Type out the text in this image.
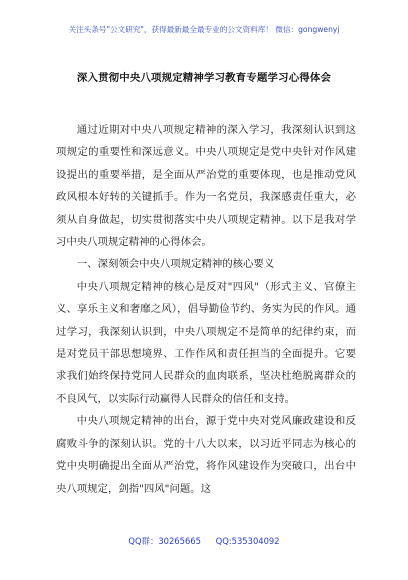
关注头条号"公文研究"，获得最新最全最专业的公文资料库！ 微信：gongwenyj
深入贯彻中央八项规定精神学习教育专题学习心得体会

通过近期对中央八项规定精神的深入学习，我深刻认识到这项规定的重要性和深远意义。中央八项规定是党中央针对作风建设提出的重要举措，是全面从严治党的重要体现，也是推动党风政风根本好转的关键抓手。作为一名党员，我深感责任重大，必须从自身做起，切实贯彻落实中央八项规定精神。以下是我对学习中央八项规定精神的心得体会。

一、深刻领会中央八项规定精神的核心要义

中央八项规定精神的核心是反对"四风"（形式主义、官僚主义、享乐主义和奢靡之风），倡导勤俭节约、务实为民的作风。通过学习，我深刻认识到，中央八项规定不是简单的纪律约束，而是对党员干部思想境界、工作作风和责任担当的全面提升。它要求我们始终保持党同人民群众的血肉联系，坚决杜绝脱离群众的不良风气，以实际行动赢得人民群众的信任和支持。

中央八项规定精神的出台，源于党中央对党风廉政建设和反腐败斗争的深刻认识。党的十八大以来，以习近平同志为核心的党中央明确提出全面从严治党，将作风建设作为突破口，出台中央八项规定，剑指"四风"问题。这

QQ群：30265665 QQ:535304092
